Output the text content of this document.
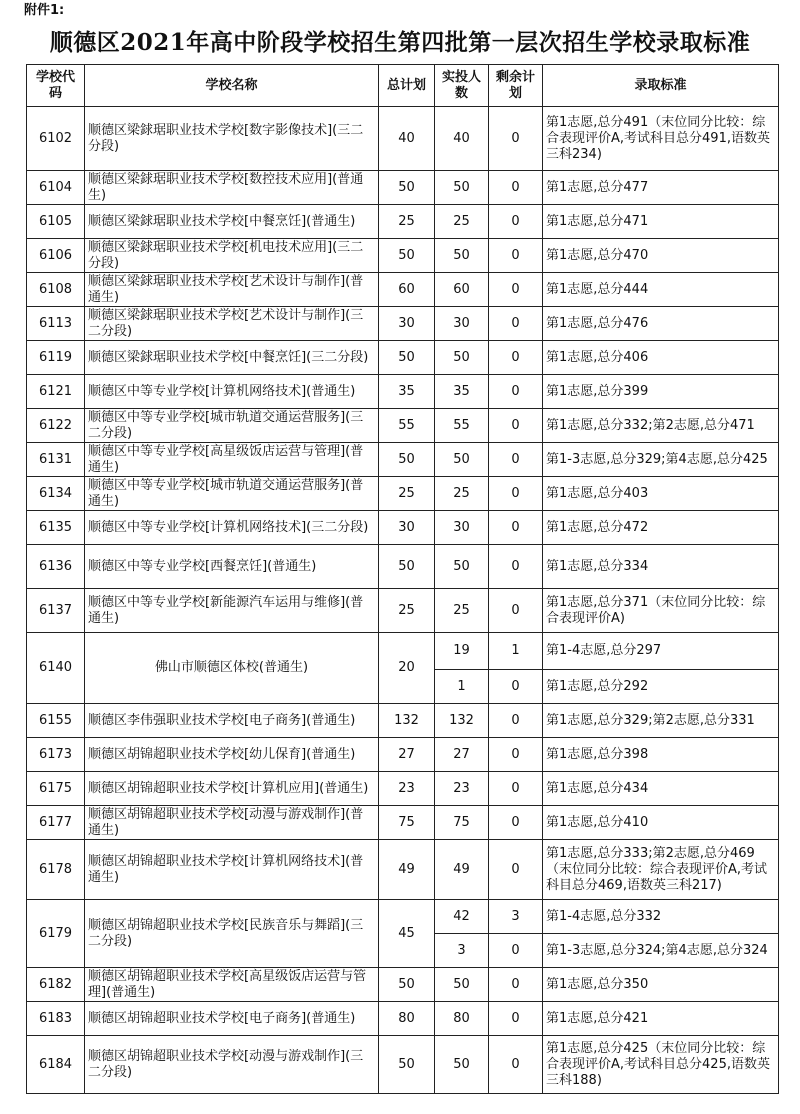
附件1:
顺德区2021年高中阶段学校招生第四批第一层次招生学校录取标准
学校代码	学校名称	总计划	实投人数	剩余计划	录取标准
6102	顺德区梁銶琚职业技术学校[数字影像技术](三二分段)	40	40	0	第1志愿,总分491（末位同分比较：综合表现评价A,考试科目总分491,语数英三科234)
6104	顺德区梁銶琚职业技术学校[数控技术应用](普通生)	50	50	0	第1志愿,总分477
6105	顺德区梁銶琚职业技术学校[中餐烹饪](普通生)	25	25	0	第1志愿,总分471
6106	顺德区梁銶琚职业技术学校[机电技术应用](三二分段)	50	50	0	第1志愿,总分470
6108	顺德区梁銶琚职业技术学校[艺术设计与制作](普通生)	60	60	0	第1志愿,总分444
6113	顺德区梁銶琚职业技术学校[艺术设计与制作](三二分段)	30	30	0	第1志愿,总分476
6119	顺德区梁銶琚职业技术学校[中餐烹饪](三二分段)	50	50	0	第1志愿,总分406
6121	顺德区中等专业学校[计算机网络技术](普通生)	35	35	0	第1志愿,总分399
6122	顺德区中等专业学校[城市轨道交通运营服务](三二分段)	55	55	0	第1志愿,总分332;第2志愿,总分471
6131	顺德区中等专业学校[高星级饭店运营与管理](普通生)	50	50	0	第1-3志愿,总分329;第4志愿,总分425
6134	顺德区中等专业学校[城市轨道交通运营服务](普通生)	25	25	0	第1志愿,总分403
6135	顺德区中等专业学校[计算机网络技术](三二分段)	30	30	0	第1志愿,总分472
6136	顺德区中等专业学校[西餐烹饪](普通生)	50	50	0	第1志愿,总分334
6137	顺德区中等专业学校[新能源汽车运用与维修](普通生)	25	25	0	第1志愿,总分371（末位同分比较：综合表现评价A)
6140	佛山市顺德区体校(普通生)	20	19	1	第1-4志愿,总分297
			1	0	第1志愿,总分292
6155	顺德区李伟强职业技术学校[电子商务](普通生)	132	132	0	第1志愿,总分329;第2志愿,总分331
6173	顺德区胡锦超职业技术学校[幼儿保育](普通生)	27	27	0	第1志愿,总分398
6175	顺德区胡锦超职业技术学校[计算机应用](普通生)	23	23	0	第1志愿,总分434
6177	顺德区胡锦超职业技术学校[动漫与游戏制作](普通生)	75	75	0	第1志愿,总分410
6178	顺德区胡锦超职业技术学校[计算机网络技术](普通生)	49	49	0	第1志愿,总分333;第2志愿,总分469（末位同分比较：综合表现评价A,考试科目总分469,语数英三科217)
6179	顺德区胡锦超职业技术学校[民族音乐与舞蹈](三二分段)	45	42	3	第1-4志愿,总分332
			3	0	第1-3志愿,总分324;第4志愿,总分324
6182	顺德区胡锦超职业技术学校[高星级饭店运营与管理](普通生)	50	50	0	第1志愿,总分350
6183	顺德区胡锦超职业技术学校[电子商务](普通生)	80	80	0	第1志愿,总分421
6184	顺德区胡锦超职业技术学校[动漫与游戏制作](三二分段)	50	50	0	第1志愿,总分425（末位同分比较：综合表现评价A,考试科目总分425,语数英三科188)
